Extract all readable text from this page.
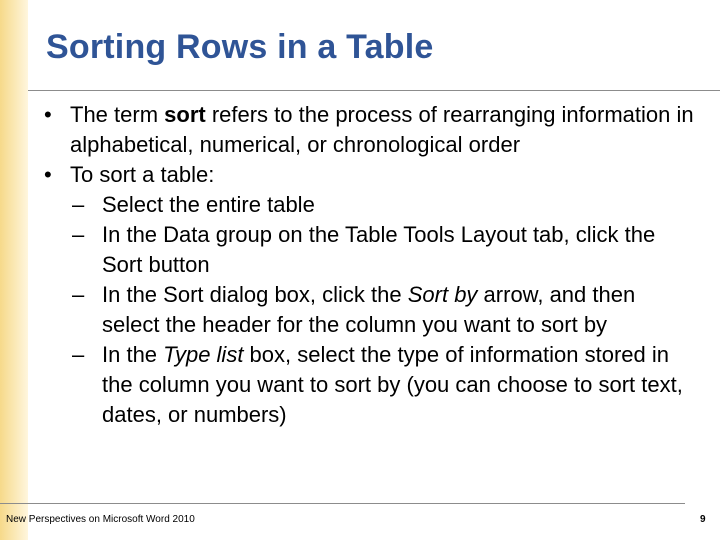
Sorting Rows in a Table
• The term sort refers to the process of rearranging information in alphabetical, numerical, or chronological order
• To sort a table:
– Select the entire table
– In the Data group on the Table Tools Layout tab, click the Sort button
– In the Sort dialog box, click the Sort by arrow, and then select the header for the column you want to sort by
– In the Type list box, select the type of information stored in the column you want to sort by (you can choose to sort text, dates, or numbers)
New Perspectives on Microsoft Word 2010	9
